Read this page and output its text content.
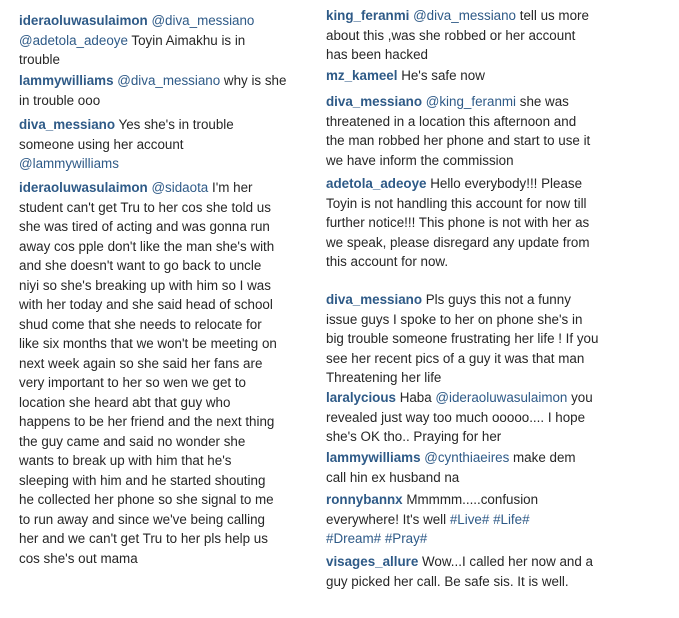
ideraoluwasulaimon @diva_messiano @adetola_adeoye Toyin Aimakhu is in trouble

lammywilliams @diva_messiano why is she in trouble ooo

diva_messiano Yes she's in trouble someone using her account @lammywilliams

ideraoluwasulaimon @sidaota I'm her student can't get Tru to her cos she told us she was tired of acting and was gonna run away cos pple don't like the man she's with and she doesn't want to go back to uncle niyi so she's breaking up with him so I was with her today and she said head of school shud come that she needs to relocate for like six months that we won't be meeting on next week again so she said her fans are very important to her so wen we get to location she heard abt that guy who happens to be her friend and the next thing the guy came and said no wonder she wants to break up with him that he's sleeping with him and he started shouting he collected her phone so she signal to me to run away and since we've being calling her and we can't get Tru to her pls help us cos she's out mama

king_feranmi @diva_messiano tell us more about this ,was she robbed or her account has been hacked

mz_kameel He's safe now

diva_messiano @king_feranmi she was threatened in a location this afternoon and the man robbed her phone and start to use it we have inform the commission

adetola_adeoye Hello everybody!!! Please Toyin is not handling this account for now till further notice!!! This phone is not with her as we speak, please disregard any update from this account for now.

diva_messiano Pls guys this not a funny issue guys I spoke to her on phone she's in big trouble someone frustrating her life ! If you see her recent pics of a guy it was that man Threatening her life

laralycious Haba @ideraoluwasulaimon you revealed just way too much ooooo.... I hope she's OK tho.. Praying for her

lammywilliams @cynthiaeires make dem call hin ex husband na

ronnybannx Mmmmm.....confusion everywhere! It's well #Live# #Life# #Dream# #Pray#

visages_allure Wow...I called her now and a guy picked her call. Be safe sis. It is well.
